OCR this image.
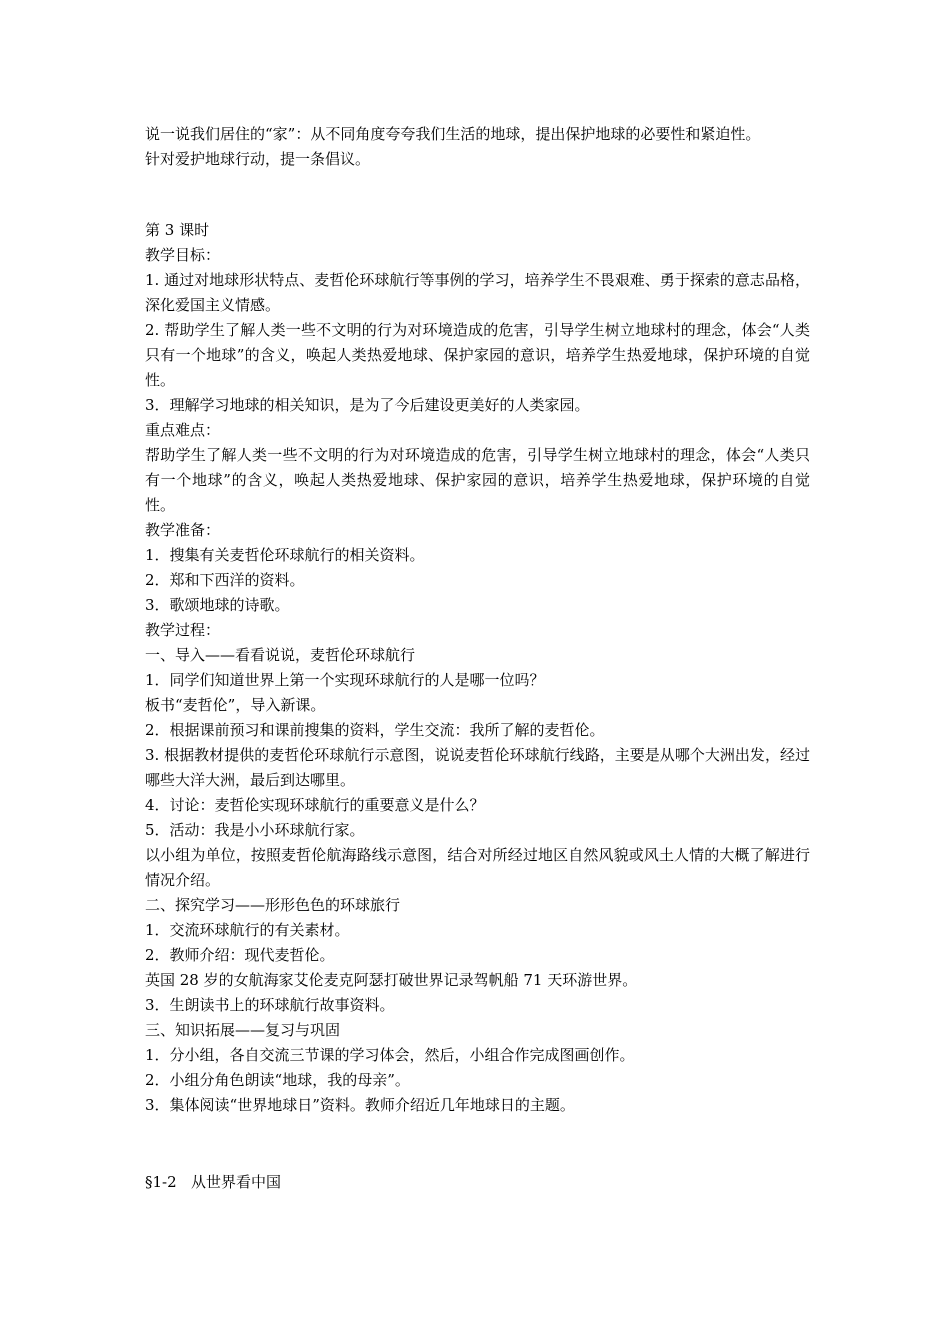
说一说我们居住的“家”：从不同角度夸夸我们生活的地球，提出保护地球的必要性和紧迫性。

针对爱护地球行动，提一条倡议。

第 3 课时

教学目标：

1. 通过对地球形状特点、麦哲伦环球航行等事例的学习，培养学生不畏艰难、勇于探索的意志品格，深化爱国主义情感。

2. 帮助学生了解人类一些不文明的行为对环境造成的危害，引导学生树立地球村的理念，体会“人类只有一个地球”的含义，唤起人类热爱地球、保护家园的意识，培养学生热爱地球，保护环境的自觉性。

3．理解学习地球的相关知识，是为了今后建设更美好的人类家园。

重点难点：

帮助学生了解人类一些不文明的行为对环境造成的危害，引导学生树立地球村的理念，体会“人类只有一个地球”的含义，唤起人类热爱地球、保护家园的意识，培养学生热爱地球，保护环境的自觉性。

教学准备：

1．搜集有关麦哲伦环球航行的相关资料。

2．郑和下西洋的资料。

3．歌颂地球的诗歌。

教学过程：

一、导入——看看说说，麦哲伦环球航行

1．同学们知道世界上第一个实现环球航行的人是哪一位吗？

板书“麦哲伦”，导入新课。

2．根据课前预习和课前搜集的资料，学生交流：我所了解的麦哲伦。

3. 根据教材提供的麦哲伦环球航行示意图，说说麦哲伦环球航行线路，主要是从哪个大洲出发，经过哪些大洋大洲，最后到达哪里。

4．讨论：麦哲伦实现环球航行的重要意义是什么？

5．活动：我是小小环球航行家。

以小组为单位，按照麦哲伦航海路线示意图，结合对所经过地区自然风貌或风土人情的大概了解进行情况介绍。

二、探究学习——形形色色的环球旅行

1．交流环球航行的有关素材。

2．教师介绍：现代麦哲伦。

英国 28 岁的女航海家艾伦麦克阿瑟打破世界记录驾帆船 71 天环游世界。

3．生朗读书上的环球航行故事资料。

三、知识拓展——复习与巩固

1．分小组，各自交流三节课的学习体会，然后，小组合作完成图画创作。

2．小组分角色朗读“地球，我的母亲”。

3．集体阅读“世界地球日”资料。教师介绍近几年地球日的主题。

§1-2   从世界看中国
